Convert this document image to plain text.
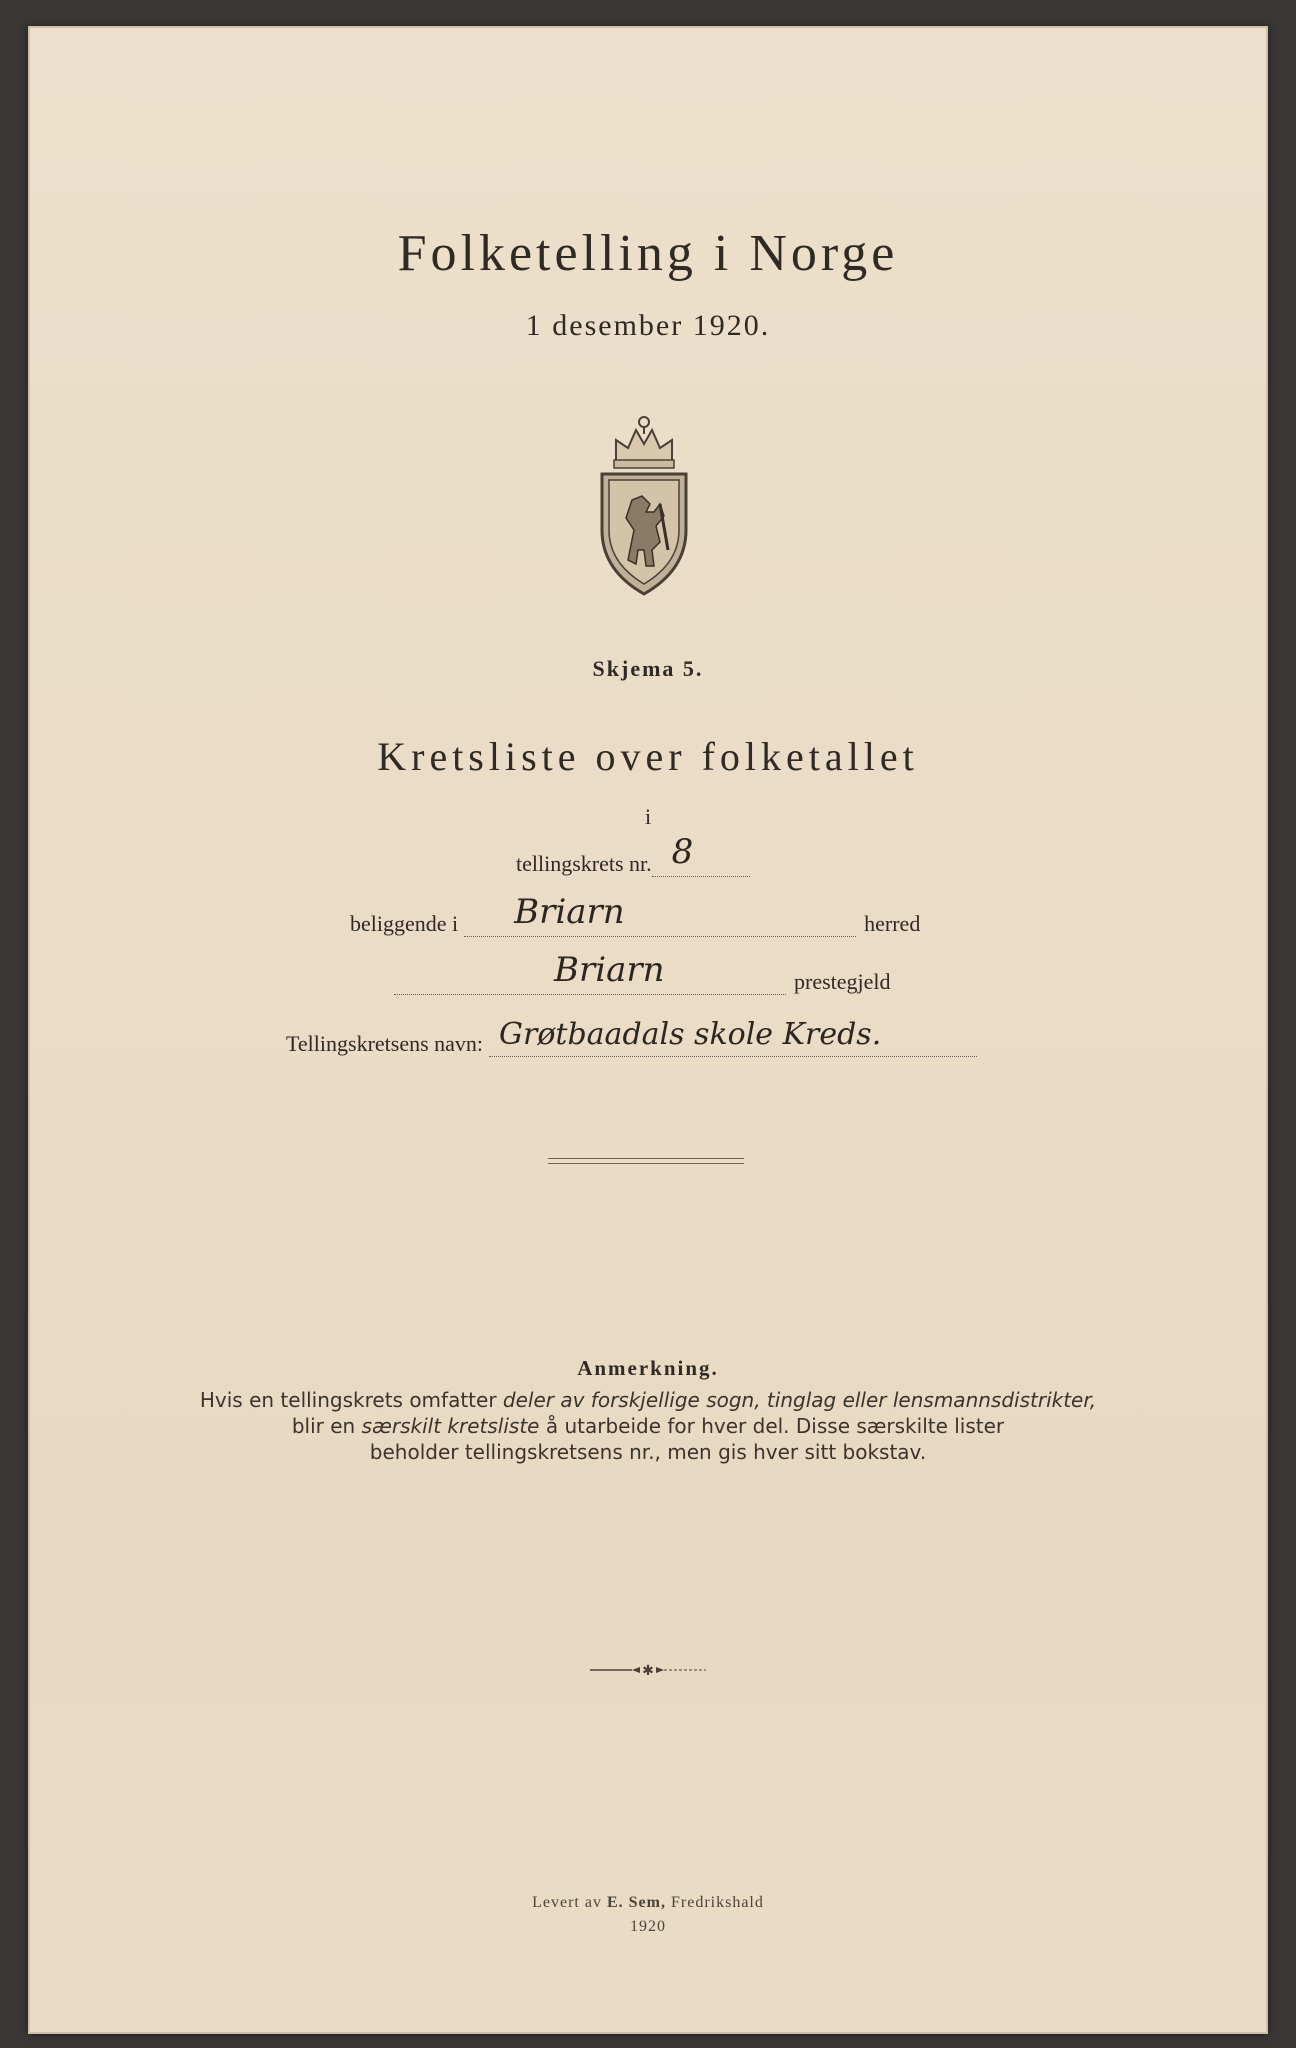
Folketelling i Norge
1 desember 1920.
Skjema 5.
Kretsliste over folketallet
i
tellingskrets nr. 8
beliggende i Briarn	herred
Briarn	prestegjeld
Tellingskretsens navn: Grøtbaadals skole Kreds.
Anmerkning.
Hvis en tellingskrets omfatter deler av forskjellige sogn, tinglag eller lensmannsdistrikter,
blir en særskilt kretsliste å utarbeide for hver del. Disse særskilte lister
beholder tellingskretsens nr., men gis hver sitt bokstav.
✱
Levert av E. Sem, Fredrikshald
1920
